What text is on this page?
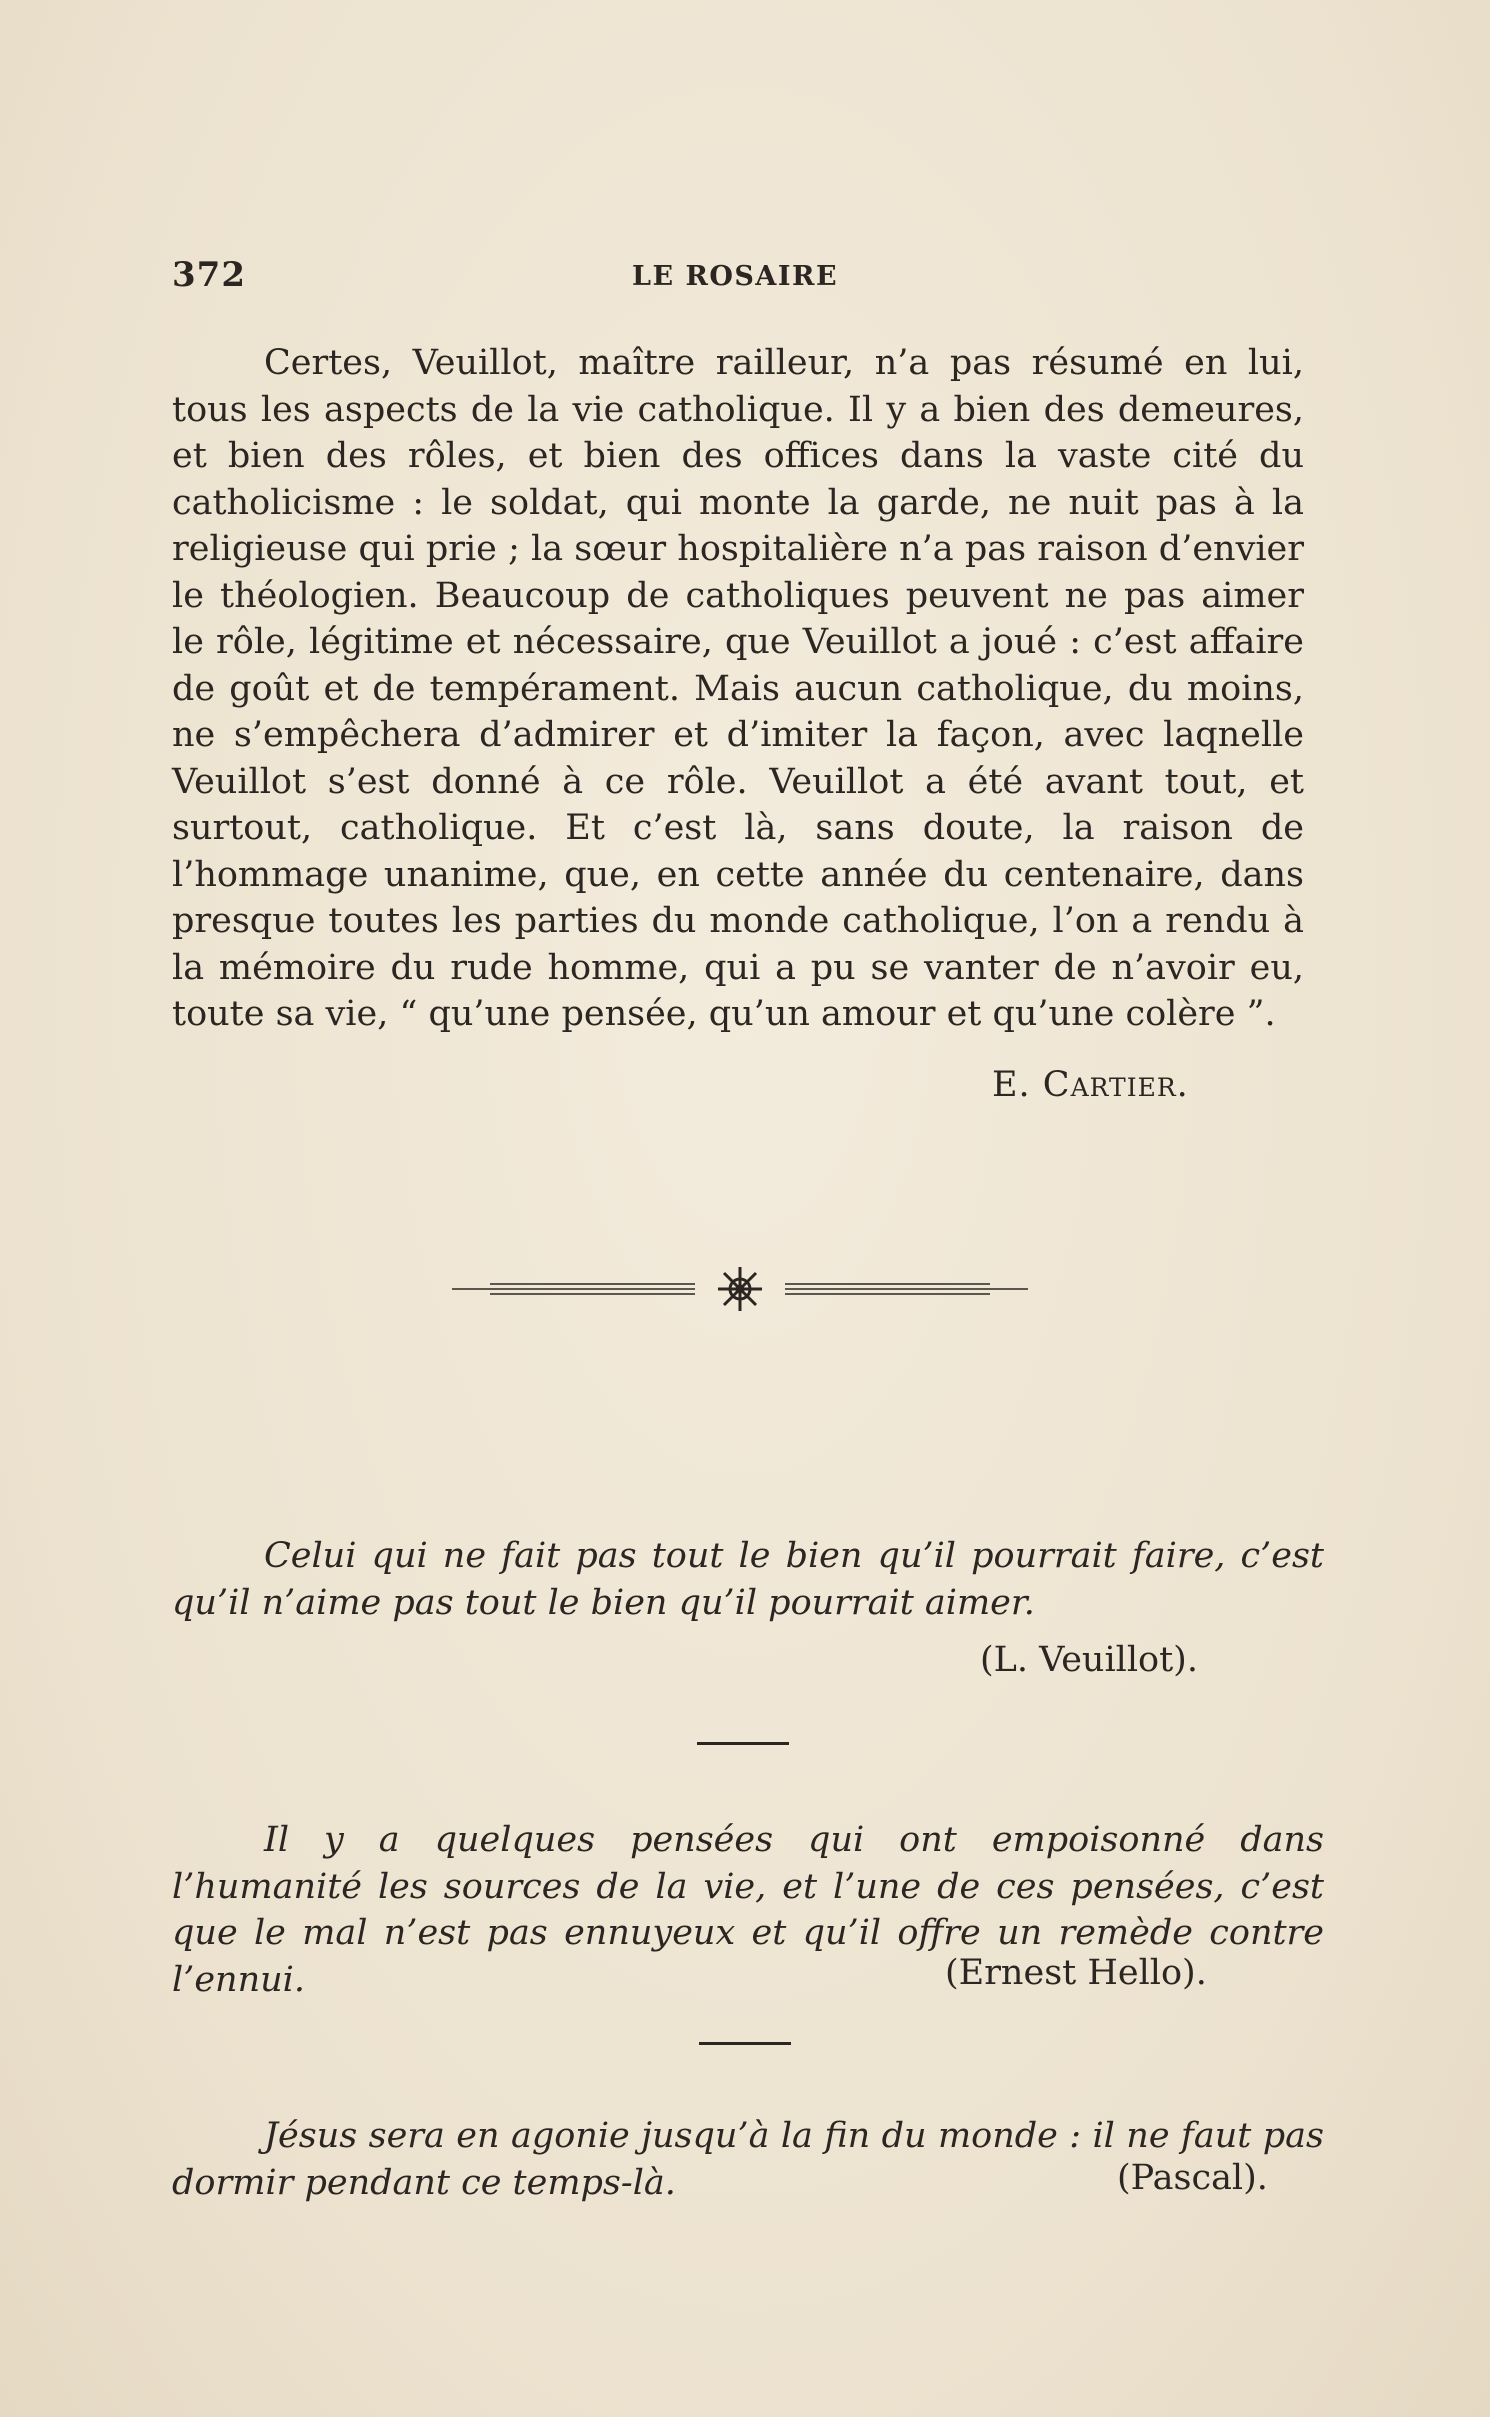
372	LE ROSAIRE

Certes, Veuillot, maître railleur, n’a pas résumé en lui, tous les aspects de la vie catholique. Il y a bien des demeures, et bien des rôles, et bien des offices dans la vaste cité du catholicisme : le soldat, qui monte la garde, ne nuit pas à la religieuse qui prie ; la sœur hospitalière n’a pas raison d’envier le théologien. Beaucoup de catholiques peuvent ne pas aimer le rôle, légitime et nécessaire, que Veuillot a joué : c’est affaire de goût et de tempérament. Mais aucun catholique, du moins, ne s’empêchera d’admirer et d’imiter la façon, avec laqnelle Veuillot s’est donné à ce rôle. Veuillot a été avant tout, et surtout, catholique. Et c’est là, sans doute, la raison de l’hommage unanime, que, en cette année du centenaire, dans presque toutes les parties du monde catholique, l’on a rendu à la mémoire du rude homme, qui a pu se vanter de n’avoir eu, toute sa vie, “ qu’une pensée, qu’un amour et qu’une colère ”.

E. Cartier.

Celui qui ne fait pas tout le bien qu’il pourrait faire, c’est qu’il n’aime pas tout le bien qu’il pourrait aimer.

(L. Veuillot).

Il y a quelques pensées qui ont empoisonné dans l’humanité les sources de la vie, et l’une de ces pensées, c’est que le mal n’est pas ennuyeux et qu’il offre un remède contre l’ennui.	(Ernest Hello).

Jésus sera en agonie jusqu’à la fin du monde : il ne faut pas dormir pendant ce temps-là.	(Pascal).
